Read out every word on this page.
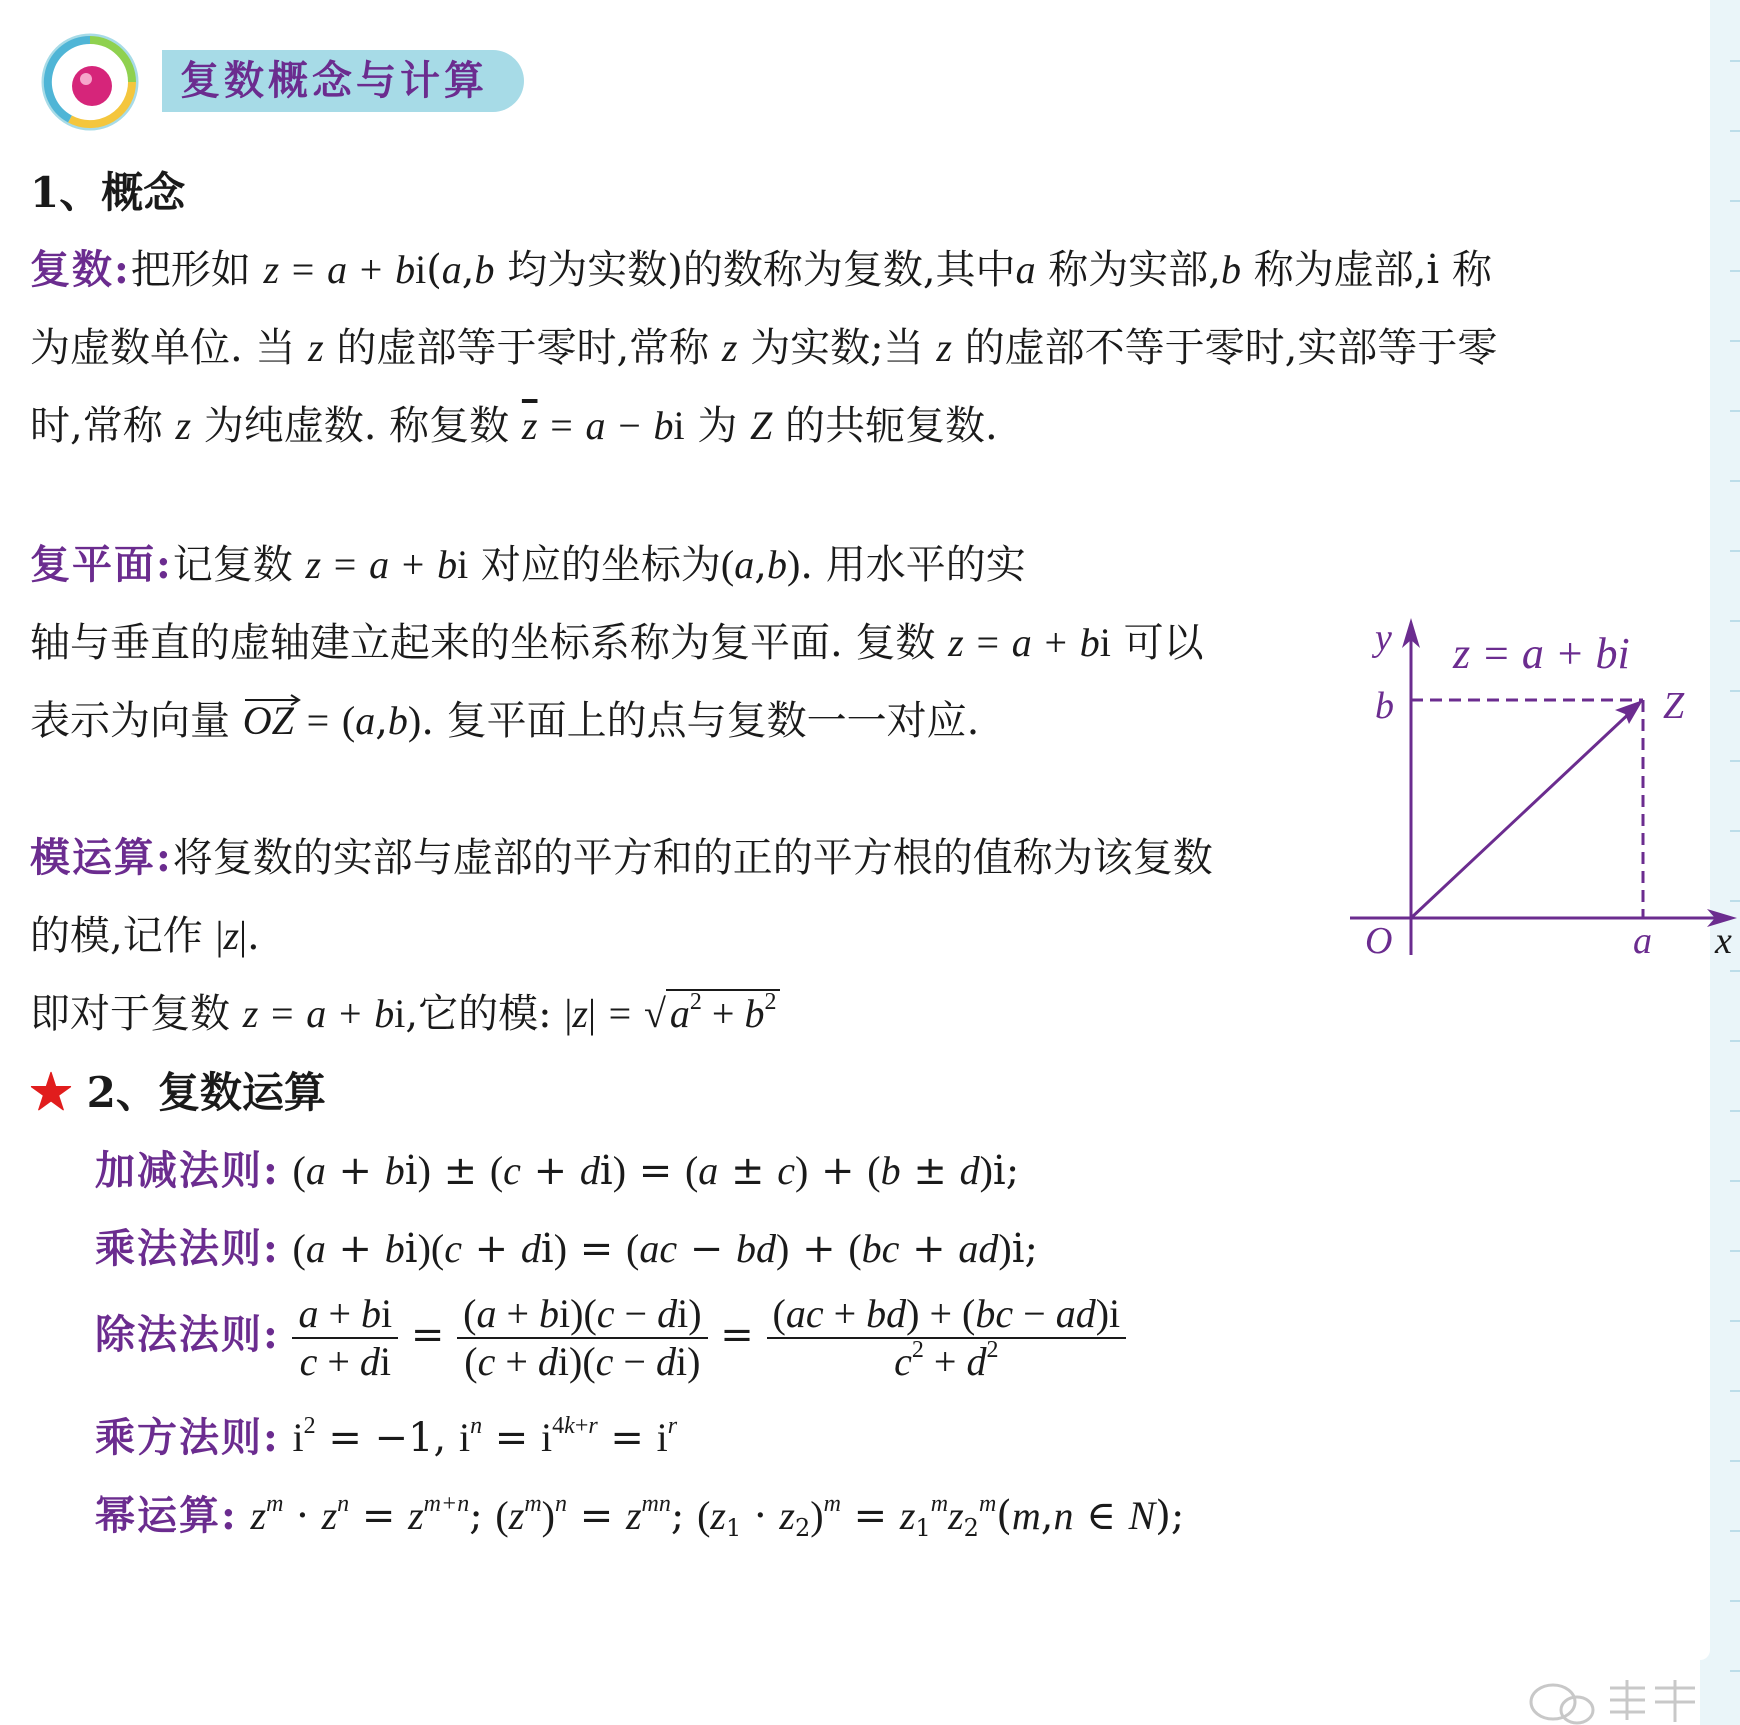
复数概念与计算
1、概念
复数:把形如 z = a + bi(a,b 均为实数)的数称为复数,其中a 称为实部,b 称为虚部,i 称
为虚数单位. 当 z 的虚部等于零时,常称 z 为实数;当 z 的虚部不等于零时,实部等于零
时,常称 z 为纯虚数. 称复数 $\overline{z} = a$ − bi 为 Z 的共轭复数.
复平面:记复数 z = a + bi 对应的坐标为(a,b). 用水平的实
轴与垂直的虚轴建立起来的坐标系称为复平面. 复数 z = a + bi 可以
表示为向量 OZ = (a,b). 复平面上的点与复数一一对应.
模运算:将复数的实部与虚部的平方和的正的平方根的值称为该复数
的模,记作 |z|.
即对于复数 z = a + bi,它的模: |z| = √ $a^2 + b^2$
★ 2、复数运算
加减法则: (a + bi) ± (c + di) = (a ± c) + (b ± d)i;
乘法法则: (a + bi)(c + di) = (ac − bd) + (bc + ad)i;
除法法则: $\frac{a + bi}{c + di} = \frac{(a + bi)(c - di)}{(c + di)(c - di)} = \frac{(ac + bd) + (bc - ad)i}{c^2 + d^2}$
乘方法则: $i^2 = -1$, $i^n = i^{4k+r} = i^r$
幂运算: $z^m \cdot z^n = z^{m+n}$; $(z^m)^n = z^{mn}$; $(z_1 \cdot z_2)^m = z_1^mz_2^m(m,n$ ∈ N);
y
b
O	a x
Z
z = a + bi
